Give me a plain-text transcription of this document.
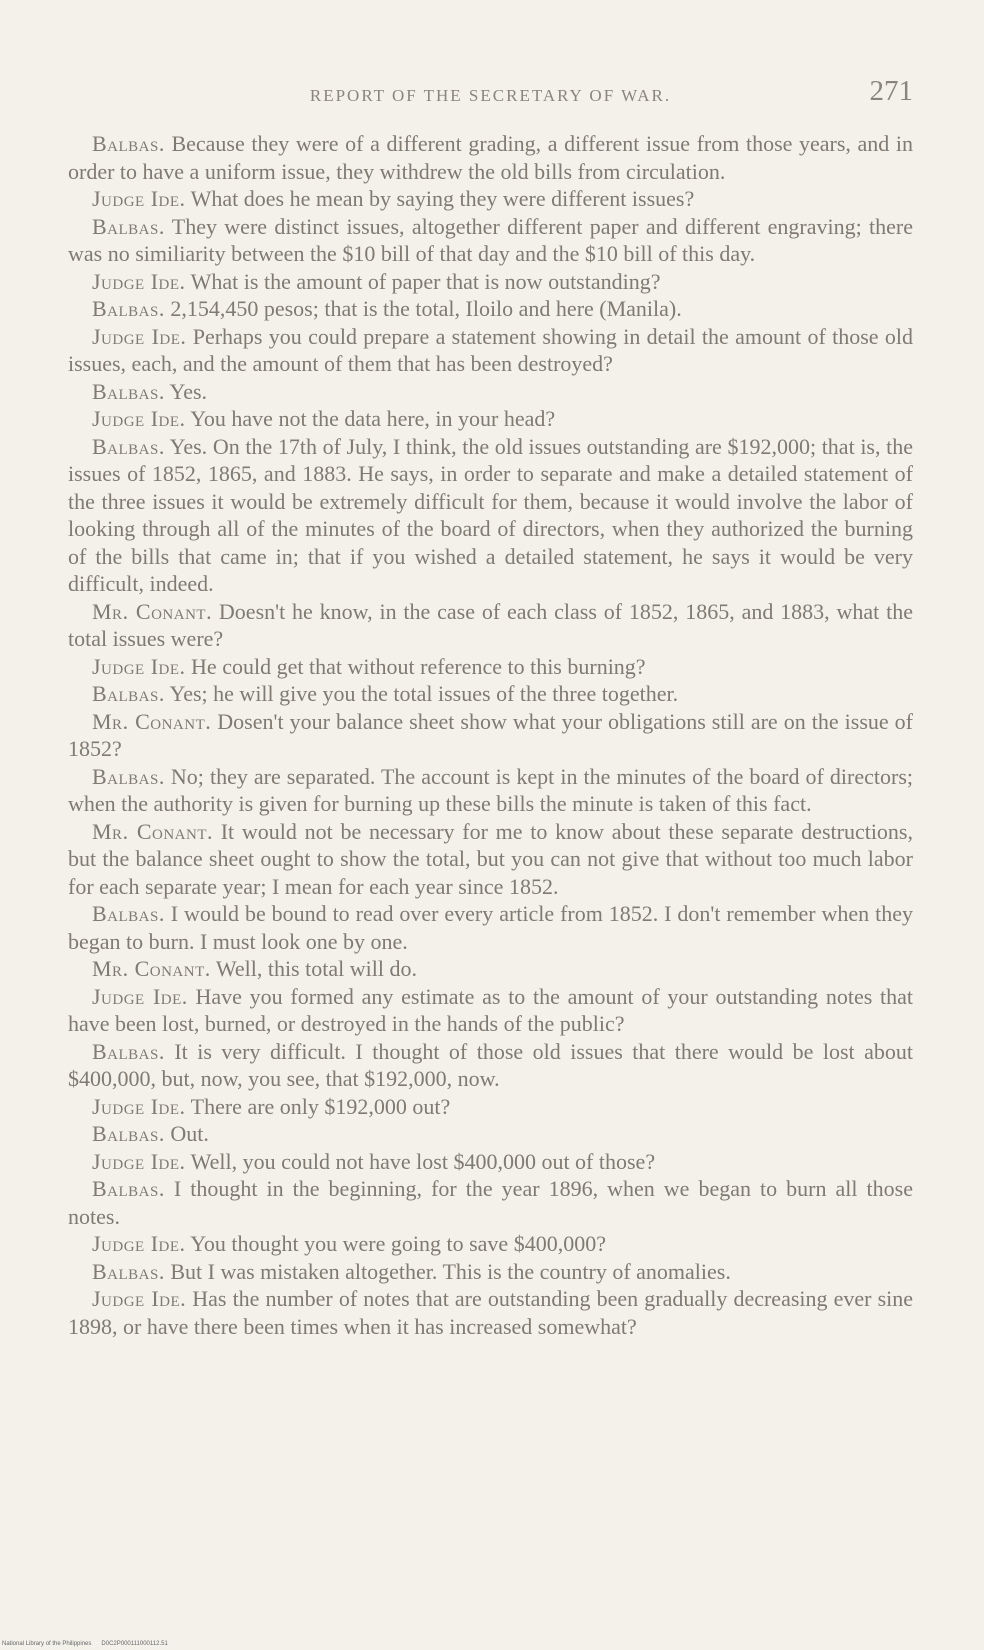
REPORT OF THE SECRETARY OF WAR.	271

Balbas. Because they were of a different grading, a different issue from those years, and in order to have a uniform issue, they withdrew the old bills from circulation.

Judge Ide. What does he mean by saying they were different issues?

Balbas. They were distinct issues, altogether different paper and different engraving; there was no similiarity between the $10 bill of that day and the $10 bill of this day.

Judge Ide. What is the amount of paper that is now outstanding?

Balbas. 2,154,450 pesos; that is the total, Iloilo and here (Manila).

Judge Ide. Perhaps you could prepare a statement showing in detail the amount of those old issues, each, and the amount of them that has been destroyed?

Balbas. Yes.

Judge Ide. You have not the data here, in your head?

Balbas. Yes. On the 17th of July, I think, the old issues outstanding are $192,000; that is, the issues of 1852, 1865, and 1883. He says, in order to separate and make a detailed statement of the three issues it would be extremely difficult for them, because it would involve the labor of looking through all of the minutes of the board of directors, when they authorized the burning of the bills that came in; that if you wished a detailed statement, he says it would be very difficult, indeed.

Mr. Conant. Doesn't he know, in the case of each class of 1852, 1865, and 1883, what the total issues were?

Judge Ide. He could get that without reference to this burning?

Balbas. Yes; he will give you the total issues of the three together.

Mr. Conant. Dosen't your balance sheet show what your obligations still are on the issue of 1852?

Balbas. No; they are separated. The account is kept in the minutes of the board of directors; when the authority is given for burning up these bills the minute is taken of this fact.

Mr. Conant. It would not be necessary for me to know about these separate destructions, but the balance sheet ought to show the total, but you can not give that without too much labor for each separate year; I mean for each year since 1852.

Balbas. I would be bound to read over every article from 1852. I don't remember when they began to burn. I must look one by one.

Mr. Conant. Well, this total will do.

Judge Ide. Have you formed any estimate as to the amount of your outstanding notes that have been lost, burned, or destroyed in the hands of the public?

Balbas. It is very difficult. I thought of those old issues that there would be lost about $400,000, but, now, you see, that $192,000, now.

Judge Ide. There are only $192,000 out?

Balbas. Out.

Judge Ide. Well, you could not have lost $400,000 out of those?

Balbas. I thought in the beginning, for the year 1896, when we began to burn all those notes.

Judge Ide. You thought you were going to save $400,000?

Balbas. But I was mistaken altogether. This is the country of anomalies.

Judge Ide. Has the number of notes that are outstanding been gradually decreasing ever sine 1898, or have there been times when it has increased somewhat?

National Library of the Philippines D0C2P000111000112.51
